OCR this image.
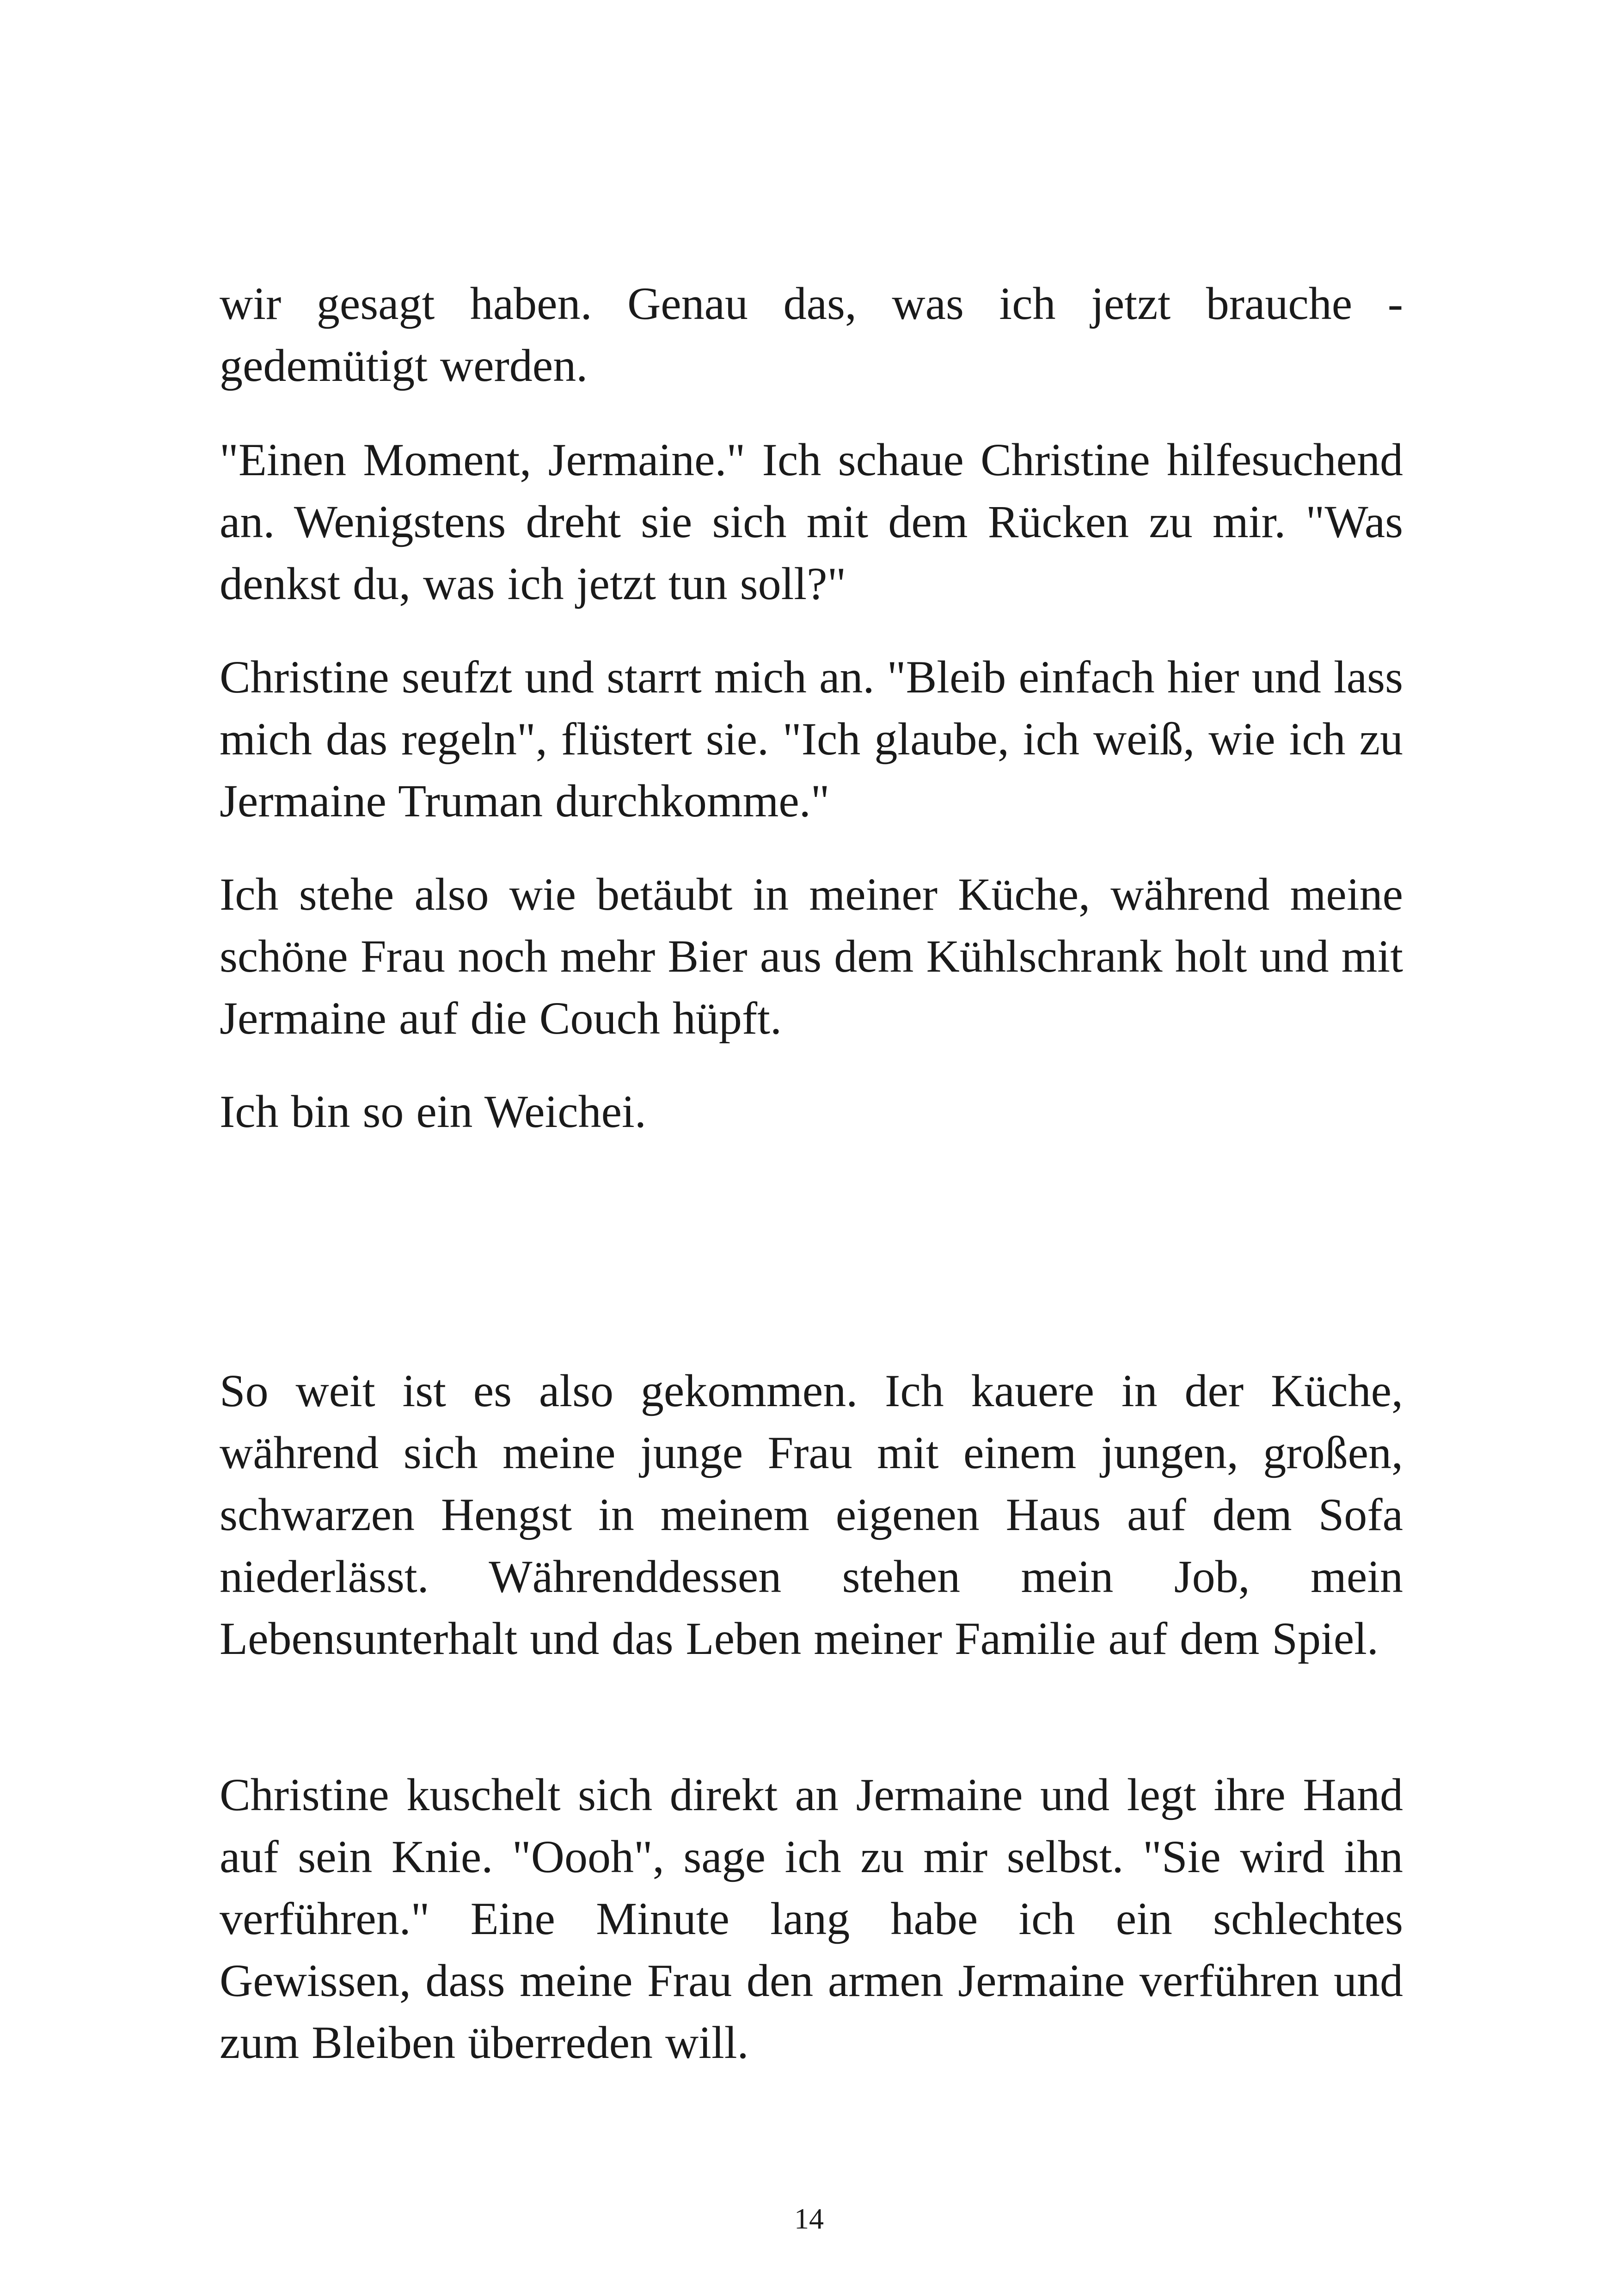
wir gesagt haben. Genau das, was ich jetzt brauche - gedemütigt werden.

"Einen Moment, Jermaine." Ich schaue Christine hilfesuchend an. Wenigstens dreht sie sich mit dem Rücken zu mir. "Was denkst du, was ich jetzt tun soll?"

Christine seufzt und starrt mich an. "Bleib einfach hier und lass mich das regeln", flüstert sie. "Ich glaube, ich weiß, wie ich zu Jermaine Truman durchkomme."

Ich stehe also wie betäubt in meiner Küche, während meine schöne Frau noch mehr Bier aus dem Kühlschrank holt und mit Jermaine auf die Couch hüpft.

Ich bin so ein Weichei.

So weit ist es also gekommen. Ich kauere in der Küche, während sich meine junge Frau mit einem jungen, großen, schwarzen Hengst in meinem eigenen Haus auf dem Sofa niederlässt. Währenddessen stehen mein Job, mein Lebensunterhalt und das Leben meiner Familie auf dem Spiel.

Christine kuschelt sich direkt an Jermaine und legt ihre Hand auf sein Knie. "Oooh", sage ich zu mir selbst. "Sie wird ihn verführen." Eine Minute lang habe ich ein schlechtes Gewissen, dass meine Frau den armen Jermaine verführen und zum Bleiben überreden will.

14
